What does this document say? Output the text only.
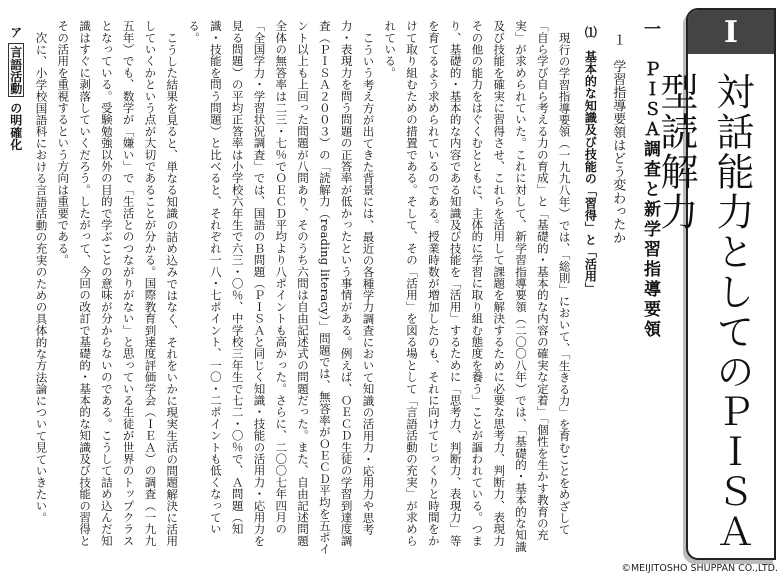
I
対話能力としてのＰＩＳＡ型読解力
一　ＰＩＳＡ調査と新学習指導要領
１　学習指導要領はどう変わったか
⑴　基本的な知識及び技能の「習得」と「活用」

現行の学習指導要領（一九九八年）では、「総則」において、「生きる力」を育むことをめざして「自ら学び自ら考える力の育成」と「基礎的・基本的な内容の確実な定着」「個性を生かす教育の充実」が求められていた。これに対して、新学習指導要領（二〇〇八年）では、「基礎的・基本的な知識及び技能を確実に習得させ、これらを活用して課題を解決するために必要な思考力、判断力、表現力その他の能力をはぐくむとともに、主体的に学習に取り組む態度を養う」ことが謳われている。つまり、基礎的・基本的な内容である知識及び技能を「活用」するために「思考力、判断力、表現力」等を育てるよう求められているのである。授業時数が増加したのも、それに向けてじっくりと時間をかけて取り組むための措置である。そして、その「活用」を図る場として「言語活動の充実」が求められている。

こういう考え方が出てきた背景には、最近の各種学力調査において知識の活用力・応用力や思考力・表現力を問う問題の正答率が低かったという事情がある。例えば、ＯＥＣＤ生徒の学習到達度調査（ＰＩＳＡ２００３）の「読解力（reading literacy）」問題では、無答率がＯＥＣＤ平均を五ポイント以上も上回った問題が八問あり、そのうち六問は自由記述式の問題だった。また、自由記述問題全体の無答率は二三・七％でＯＥＣＤ平均より八ポイントも高かった。さらに、二〇〇七年四月の「全国学力・学習状況調査」では、国語のＢ問題（ＰＩＳＡと同じく知識・技能の活用力・応用力を見る問題）の平均正答率は小学校六年生で六三・〇％、中学校三年生で七二・〇％で、Ａ問題（知識・技能を問う問題）と比べると、それぞれ一八・七ポイント、一〇・二ポイントも低くなっている。

こうした結果を見ると、単なる知識の詰め込みではなく、それをいかに現実生活の問題解決に活用していくかという点が大切であることが分かる。国際教育到達度評価学会（ＩＥＡ）の調査（一九九五年）でも、数学が「嫌い」で「生活とのつながりがない」と思っている生徒が世界のトップクラスとなっている。受験勉強以外の目的で学ぶことの意味が分からないのである。こうして詰め込んだ知識はすぐに剥落していくだろう。したがって、今回の改訂で基礎的・基本的な知識及び技能の習得とその活用を重視するという方向は重要である。

次に、小学校国語科における言語活動の充実のための具体的な方法論について見ていきたい。

ア 言語活動 の明確化

©MEIJITOSHO SHUPPAN CO.,LTD.
